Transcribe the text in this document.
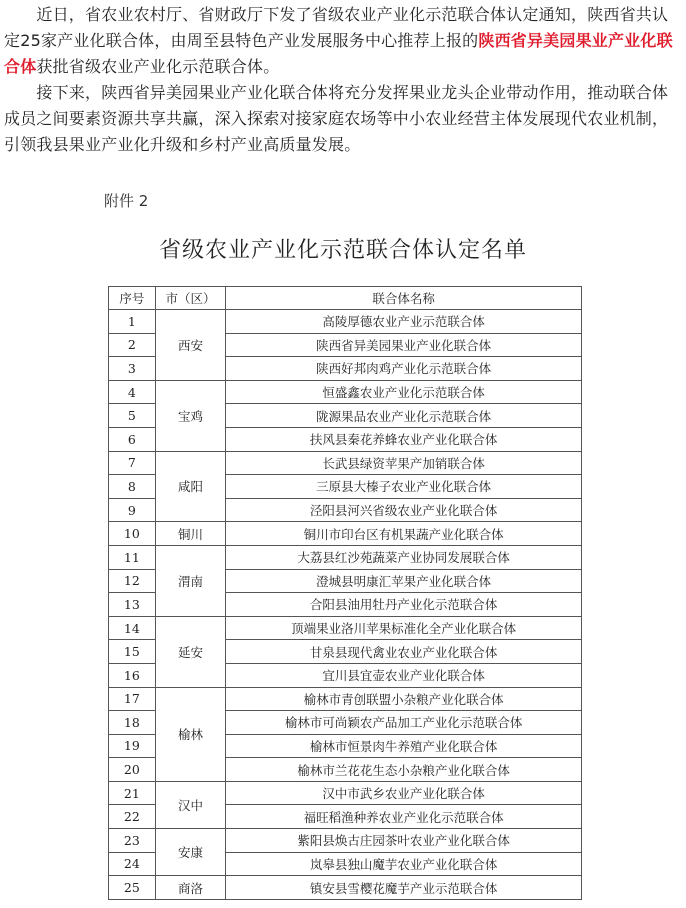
　　近日，省农业农村厅、省财政厅下发了省级农业产业化示范联合体认定通知，陕西省共认定25家产业化联合体，由周至县特色产业发展服务中心推荐上报的陕西省异美园果业产业化联合体获批省级农业产业化示范联合体。

　　接下来，陕西省异美园果业产业化联合体将充分发挥果业龙头企业带动作用，推动联合体成员之间要素资源共享共赢，深入探索对接家庭农场等中小农业经营主体发展现代农业机制，引领我县果业产业化升级和乡村产业高质量发展。

附件 2
省级农业产业化示范联合体认定名单
序号	市（区）	联合体名称
1	西安	高陵厚德农业产业示范联合体
2		陕西省异美园果业产业化联合体
3		陕西好邦肉鸡产业化示范联合体
4	宝鸡	恒盛鑫农业产业化示范联合体
5		陇源果品农业产业化示范联合体
6		扶风县秦花养蜂农业产业化联合体
7	咸阳	长武县绿资苹果产加销联合体
8		三原县大榛子农业产业化联合体
9		泾阳县河兴省级农业产业化联合体
10	铜川	铜川市印台区有机果蔬产业化联合体
11	渭南	大荔县红沙苑蔬菜产业协同发展联合体
12		澄城县明康汇苹果产业化联合体
13		合阳县油用牡丹产业化示范联合体
14	延安	顶端果业洛川苹果标准化全产业化联合体
15		甘泉县现代禽业农业产业化联合体
16		宜川县宜壶农业产业化联合体
17	榆林	榆林市青创联盟小杂粮产业化联合体
18		榆林市可尚颖农产品加工产业化示范联合体
19		榆林市恒景肉牛养殖产业化联合体
20		榆林市兰花花生态小杂粮产业化联合体
21	汉中	汉中市武乡农业产业化联合体
22		福旺稻渔种养农业产业化示范联合体
23	安康	紫阳县焕古庄园茶叶农业产业化联合体
24		岚皋县独山魔芋农业产业化联合体
25	商洛	镇安县雪樱花魔芋产业示范联合体
